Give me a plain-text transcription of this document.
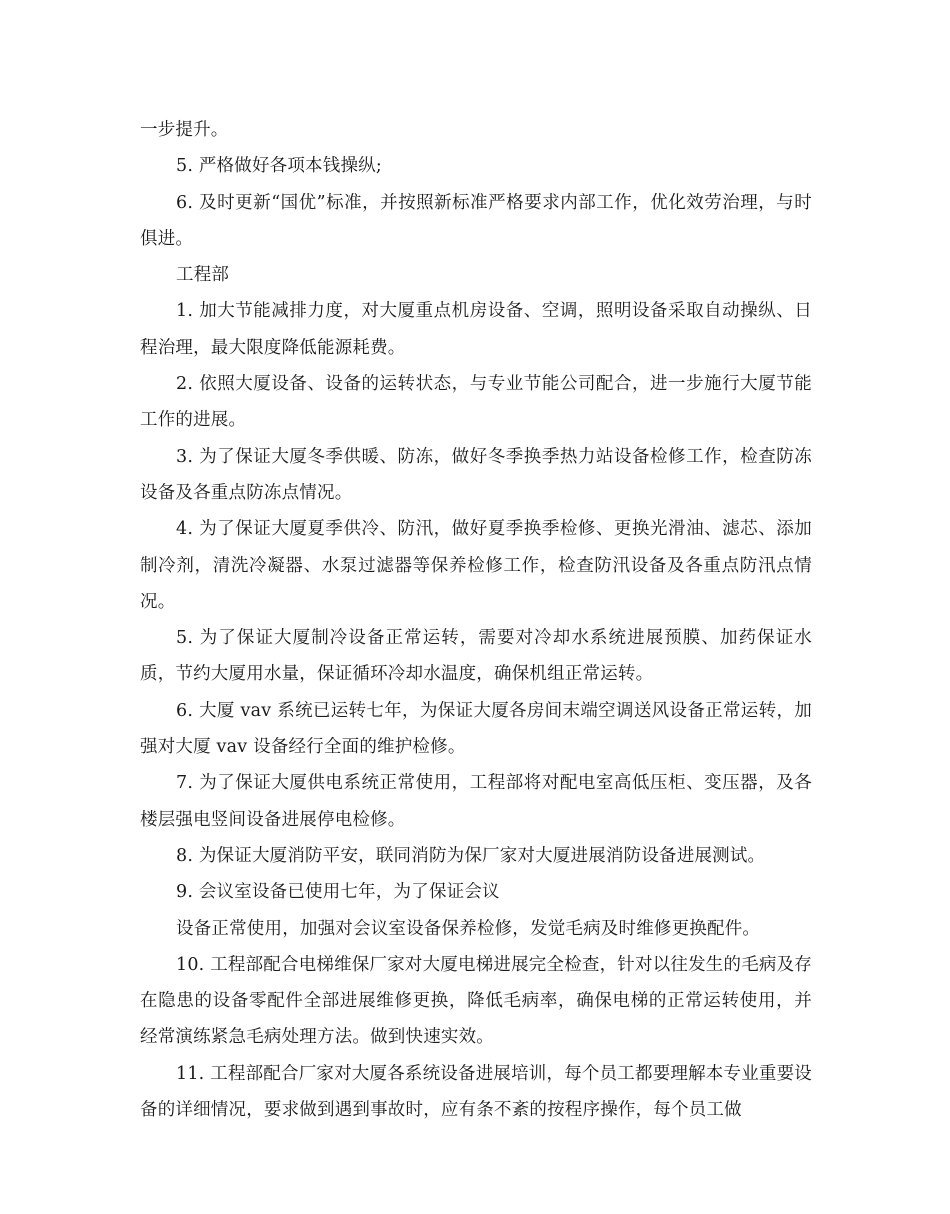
一步提升。

5. 严格做好各项本钱操纵;

6. 及时更新“国优”标准，并按照新标准严格要求内部工作，优化效劳治理，与时俱进。

工程部

1. 加大节能减排力度，对大厦重点机房设备、空调，照明设备采取自动操纵、日程治理，最大限度降低能源耗费。

2. 依照大厦设备、设备的运转状态，与专业节能公司配合，进一步施行大厦节能工作的进展。

3. 为了保证大厦冬季供暖、防冻，做好冬季换季热力站设备检修工作，检查防冻设备及各重点防冻点情况。

4. 为了保证大厦夏季供冷、防汛，做好夏季换季检修、更换光滑油、滤芯、添加制冷剂，清洗冷凝器、水泵过滤器等保养检修工作，检查防汛设备及各重点防汛点情况。

5. 为了保证大厦制冷设备正常运转，需要对冷却水系统进展预膜、加药保证水质，节约大厦用水量，保证循环冷却水温度，确保机组正常运转。

6. 大厦 vav 系统已运转七年，为保证大厦各房间末端空调送风设备正常运转，加强对大厦 vav 设备经行全面的维护检修。

7. 为了保证大厦供电系统正常使用，工程部将对配电室高低压柜、变压器，及各楼层强电竖间设备进展停电检修。

8. 为保证大厦消防平安，联同消防为保厂家对大厦进展消防设备进展测试。

9. 会议室设备已使用七年，为了保证会议

设备正常使用，加强对会议室设备保养检修，发觉毛病及时维修更换配件。

10. 工程部配合电梯维保厂家对大厦电梯进展完全检查，针对以往发生的毛病及存在隐患的设备零配件全部进展维修更换，降低毛病率，确保电梯的正常运转使用，并经常演练紧急毛病处理方法。做到快速实效。

11. 工程部配合厂家对大厦各系统设备进展培训，每个员工都要理解本专业重要设备的详细情况，要求做到遇到事故时，应有条不紊的按程序操作，每个员工做
